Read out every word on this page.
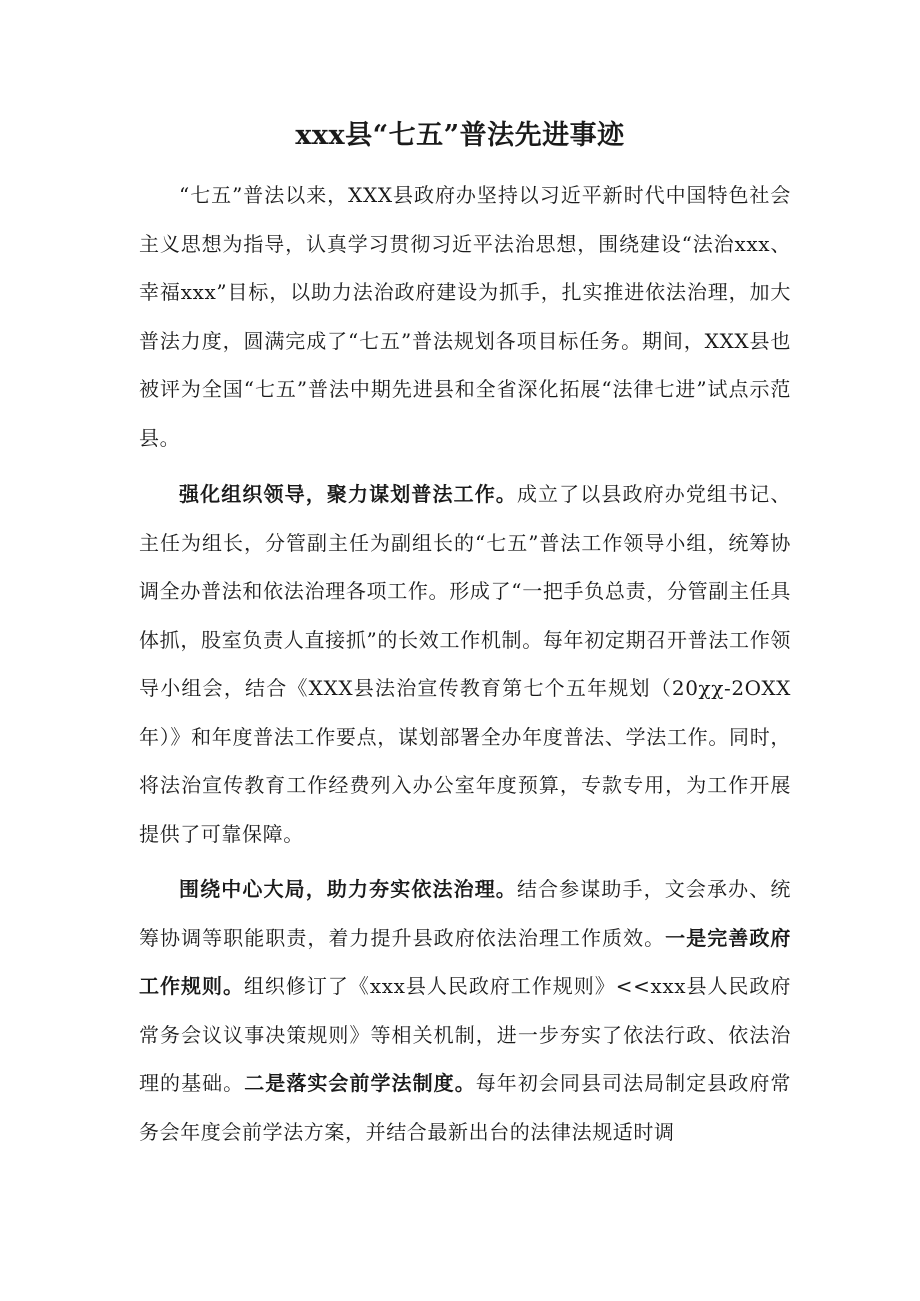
xxx县“七五”普法先进事迹

“七五”普法以来，XXX县政府办坚持以习近平新时代中国特色社会主义思想为指导，认真学习贯彻习近平法治思想，围绕建设“法治xxx、幸福xxx”目标，以助力法治政府建设为抓手，扎实推进依法治理，加大普法力度，圆满完成了“七五”普法规划各项目标任务。期间，XXX县也被评为全国“七五”普法中期先进县和全省深化拓展“法律七进”试点示范县。

强化组织领导，聚力谋划普法工作。成立了以县政府办党组书记、主任为组长，分管副主任为副组长的“七五”普法工作领导小组，统筹协调全办普法和依法治理各项工作。形成了“一把手负总责，分管副主任具体抓，股室负责人直接抓”的长效工作机制。每年初定期召开普法工作领导小组会，结合《XXX县法治宣传教育第七个五年规划（20χχ-2OXX年）》和年度普法工作要点，谋划部署全办年度普法、学法工作。同时，将法治宣传教育工作经费列入办公室年度预算，专款专用，为工作开展提供了可靠保障。

围绕中心大局，助力夯实依法治理。结合参谋助手，文会承办、统筹协调等职能职责，着力提升县政府依法治理工作质效。一是完善政府工作规则。组织修订了《xxx县人民政府工作规则》<<xxx县人民政府常务会议议事决策规则》等相关机制，进一步夯实了依法行政、依法治理的基础。二是落实会前学法制度。每年初会同县司法局制定县政府常务会年度会前学法方案，并结合最新出台的法律法规适时调
